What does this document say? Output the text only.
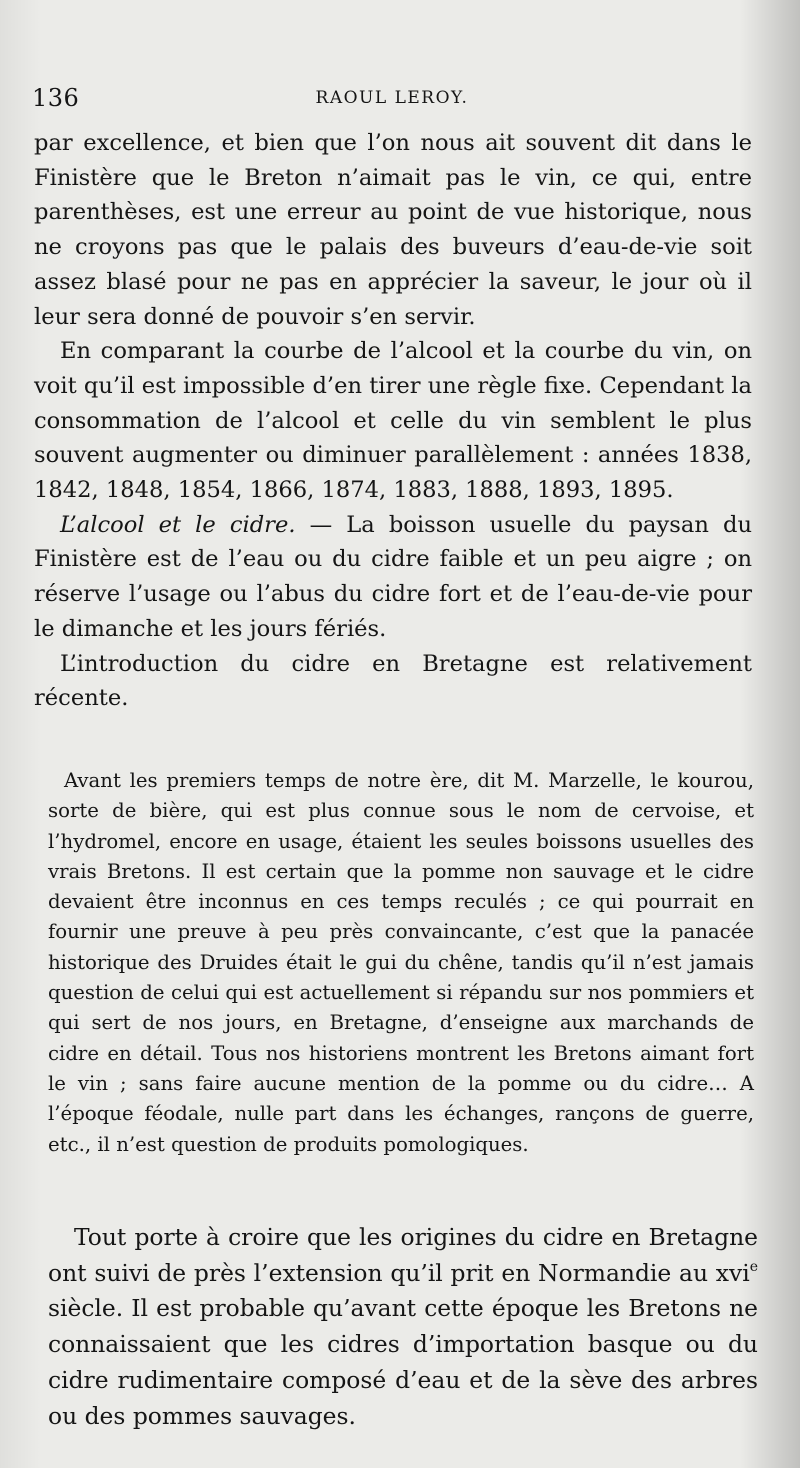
136	RAOUL LEROY.

par excellence, et bien que l’on nous ait souvent dit dans le Finistère que le Breton n’aimait pas le vin, ce qui, entre parenthèses, est une erreur au point de vue historique, nous ne croyons pas que le palais des buveurs d’eau-de-vie soit assez blasé pour ne pas en apprécier la saveur, le jour où il leur sera donné de pouvoir s’en servir.

En comparant la courbe de l’alcool et la courbe du vin, on voit qu’il est impossible d’en tirer une règle fixe. Cependant la consommation de l’alcool et celle du vin semblent le plus souvent augmenter ou diminuer parallèlement : années 1838, 1842, 1848, 1854, 1866, 1874, 1883, 1888, 1893, 1895.

L’alcool et le cidre. — La boisson usuelle du paysan du Finistère est de l’eau ou du cidre faible et un peu aigre ; on réserve l’usage ou l’abus du cidre fort et de l’eau-de-vie pour le dimanche et les jours fériés.

L’introduction du cidre en Bretagne est relativement récente.

Avant les premiers temps de notre ère, dit M. Marzelle, le kourou, sorte de bière, qui est plus connue sous le nom de cervoise, et l’hydromel, encore en usage, étaient les seules boissons usuelles des vrais Bretons. Il est certain que la pomme non sauvage et le cidre devaient être inconnus en ces temps reculés ; ce qui pourrait en fournir une preuve à peu près convaincante, c’est que la panacée historique des Druides était le gui du chêne, tandis qu’il n’est jamais question de celui qui est actuellement si répandu sur nos pommiers et qui sert de nos jours, en Bretagne, d’enseigne aux marchands de cidre en détail. Tous nos historiens montrent les Bretons aimant fort le vin ; sans faire aucune mention de la pomme ou du cidre… A l’époque féodale, nulle part dans les échanges, rançons de guerre, etc., il n’est question de produits pomologiques.

Tout porte à croire que les origines du cidre en Bretagne ont suivi de près l’extension qu’il prit en Normandie au xvi$^e$ siècle. Il est probable qu’avant cette époque les Bretons ne connaissaient que les cidres d’importation basque ou du cidre rudimentaire composé d’eau et de la sève des arbres ou des pommes sauvages.
